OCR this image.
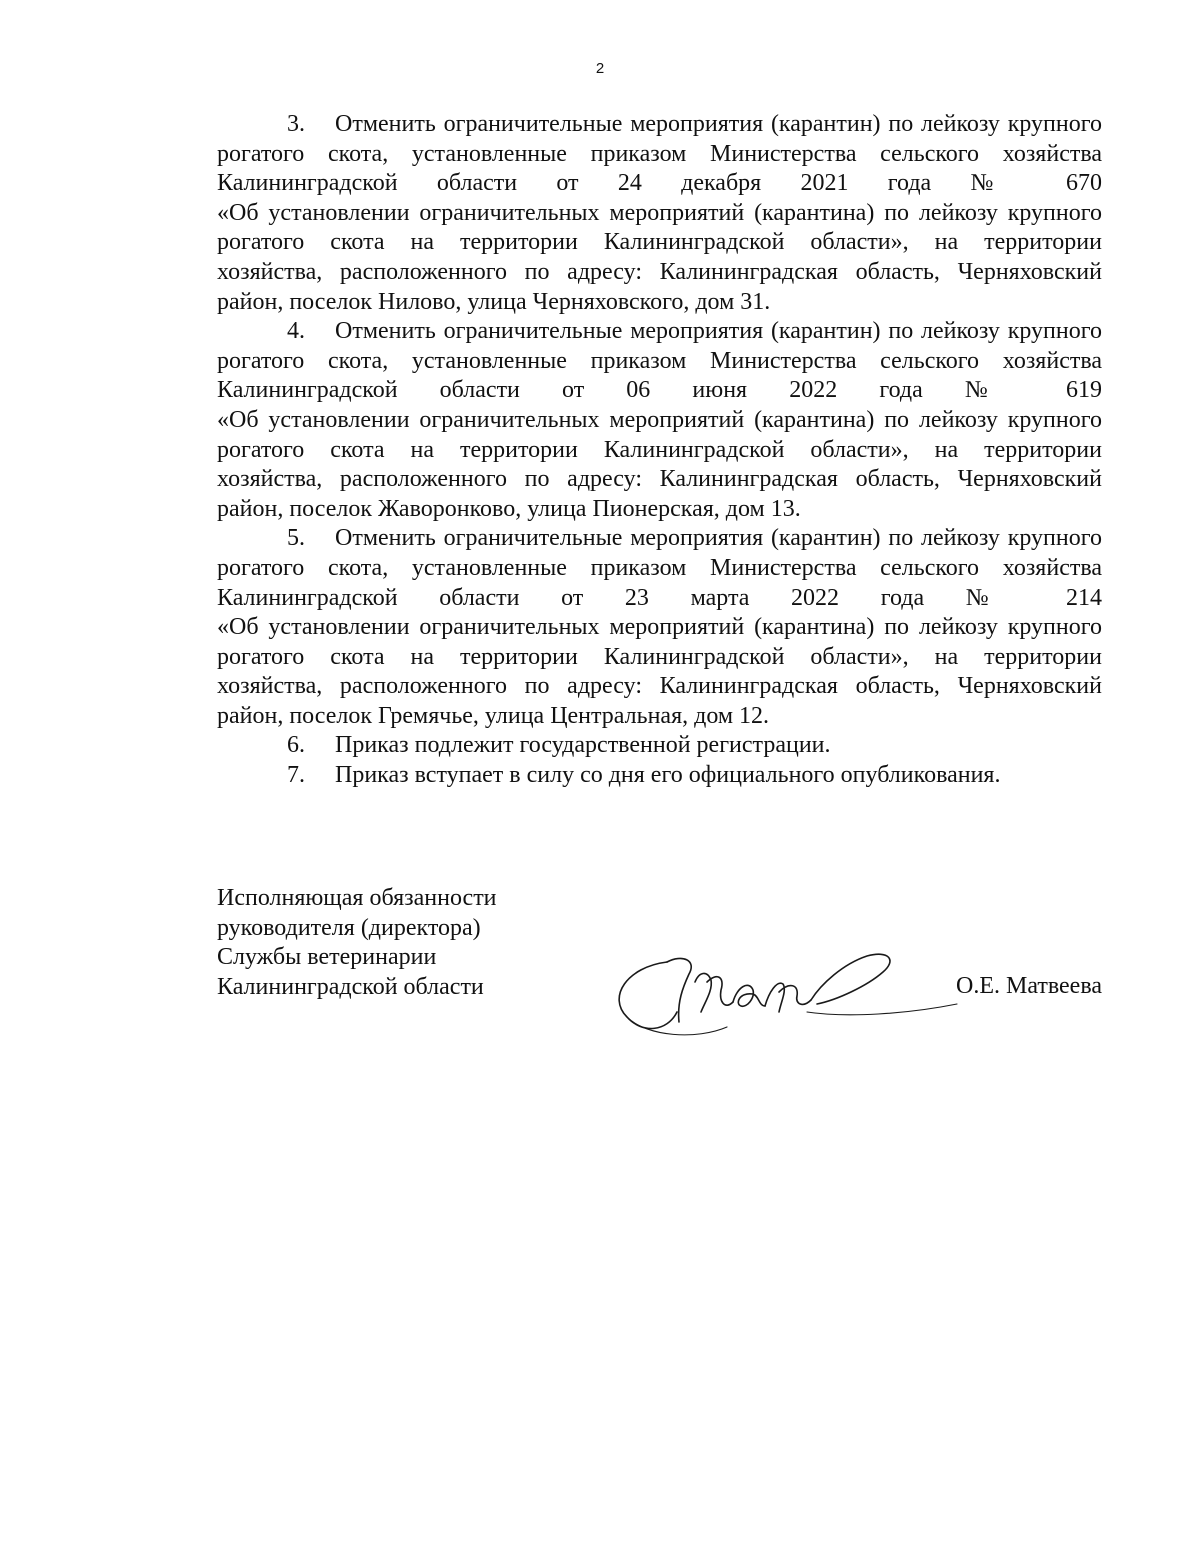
2
3. Отменить ограничительные мероприятия (карантин) по лейкозу крупного
рогатого скота, установленные приказом Министерства сельского хозяйства
Калининградской области от 24 декабря 2021 года № 670
«Об установлении ограничительных мероприятий (карантина) по лейкозу крупного
рогатого скота на территории Калининградской области», на территории
хозяйства, расположенного по адресу: Калининградская область, Черняховский
район, поселок Нилово, улица Черняховского, дом 31.
4. Отменить ограничительные мероприятия (карантин) по лейкозу крупного
рогатого скота, установленные приказом Министерства сельского хозяйства
Калининградской области от 06 июня 2022 года № 619
«Об установлении ограничительных мероприятий (карантина) по лейкозу крупного
рогатого скота на территории Калининградской области», на территории
хозяйства, расположенного по адресу: Калининградская область, Черняховский
район, поселок Жаворонково, улица Пионерская, дом 13.
5. Отменить ограничительные мероприятия (карантин) по лейкозу крупного
рогатого скота, установленные приказом Министерства сельского хозяйства
Калининградской области от 23 марта 2022 года № 214
«Об установлении ограничительных мероприятий (карантина) по лейкозу крупного
рогатого скота на территории Калининградской области», на территории
хозяйства, расположенного по адресу: Калининградская область, Черняховский
район, поселок Гремячье, улица Центральная, дом 12.
6. Приказ подлежит государственной регистрации.
7. Приказ вступает в силу со дня его официального опубликования.
Исполняющая обязанности
руководителя (директора)
Службы ветеринарии
Калининградской области	О.Е. Матвеева
